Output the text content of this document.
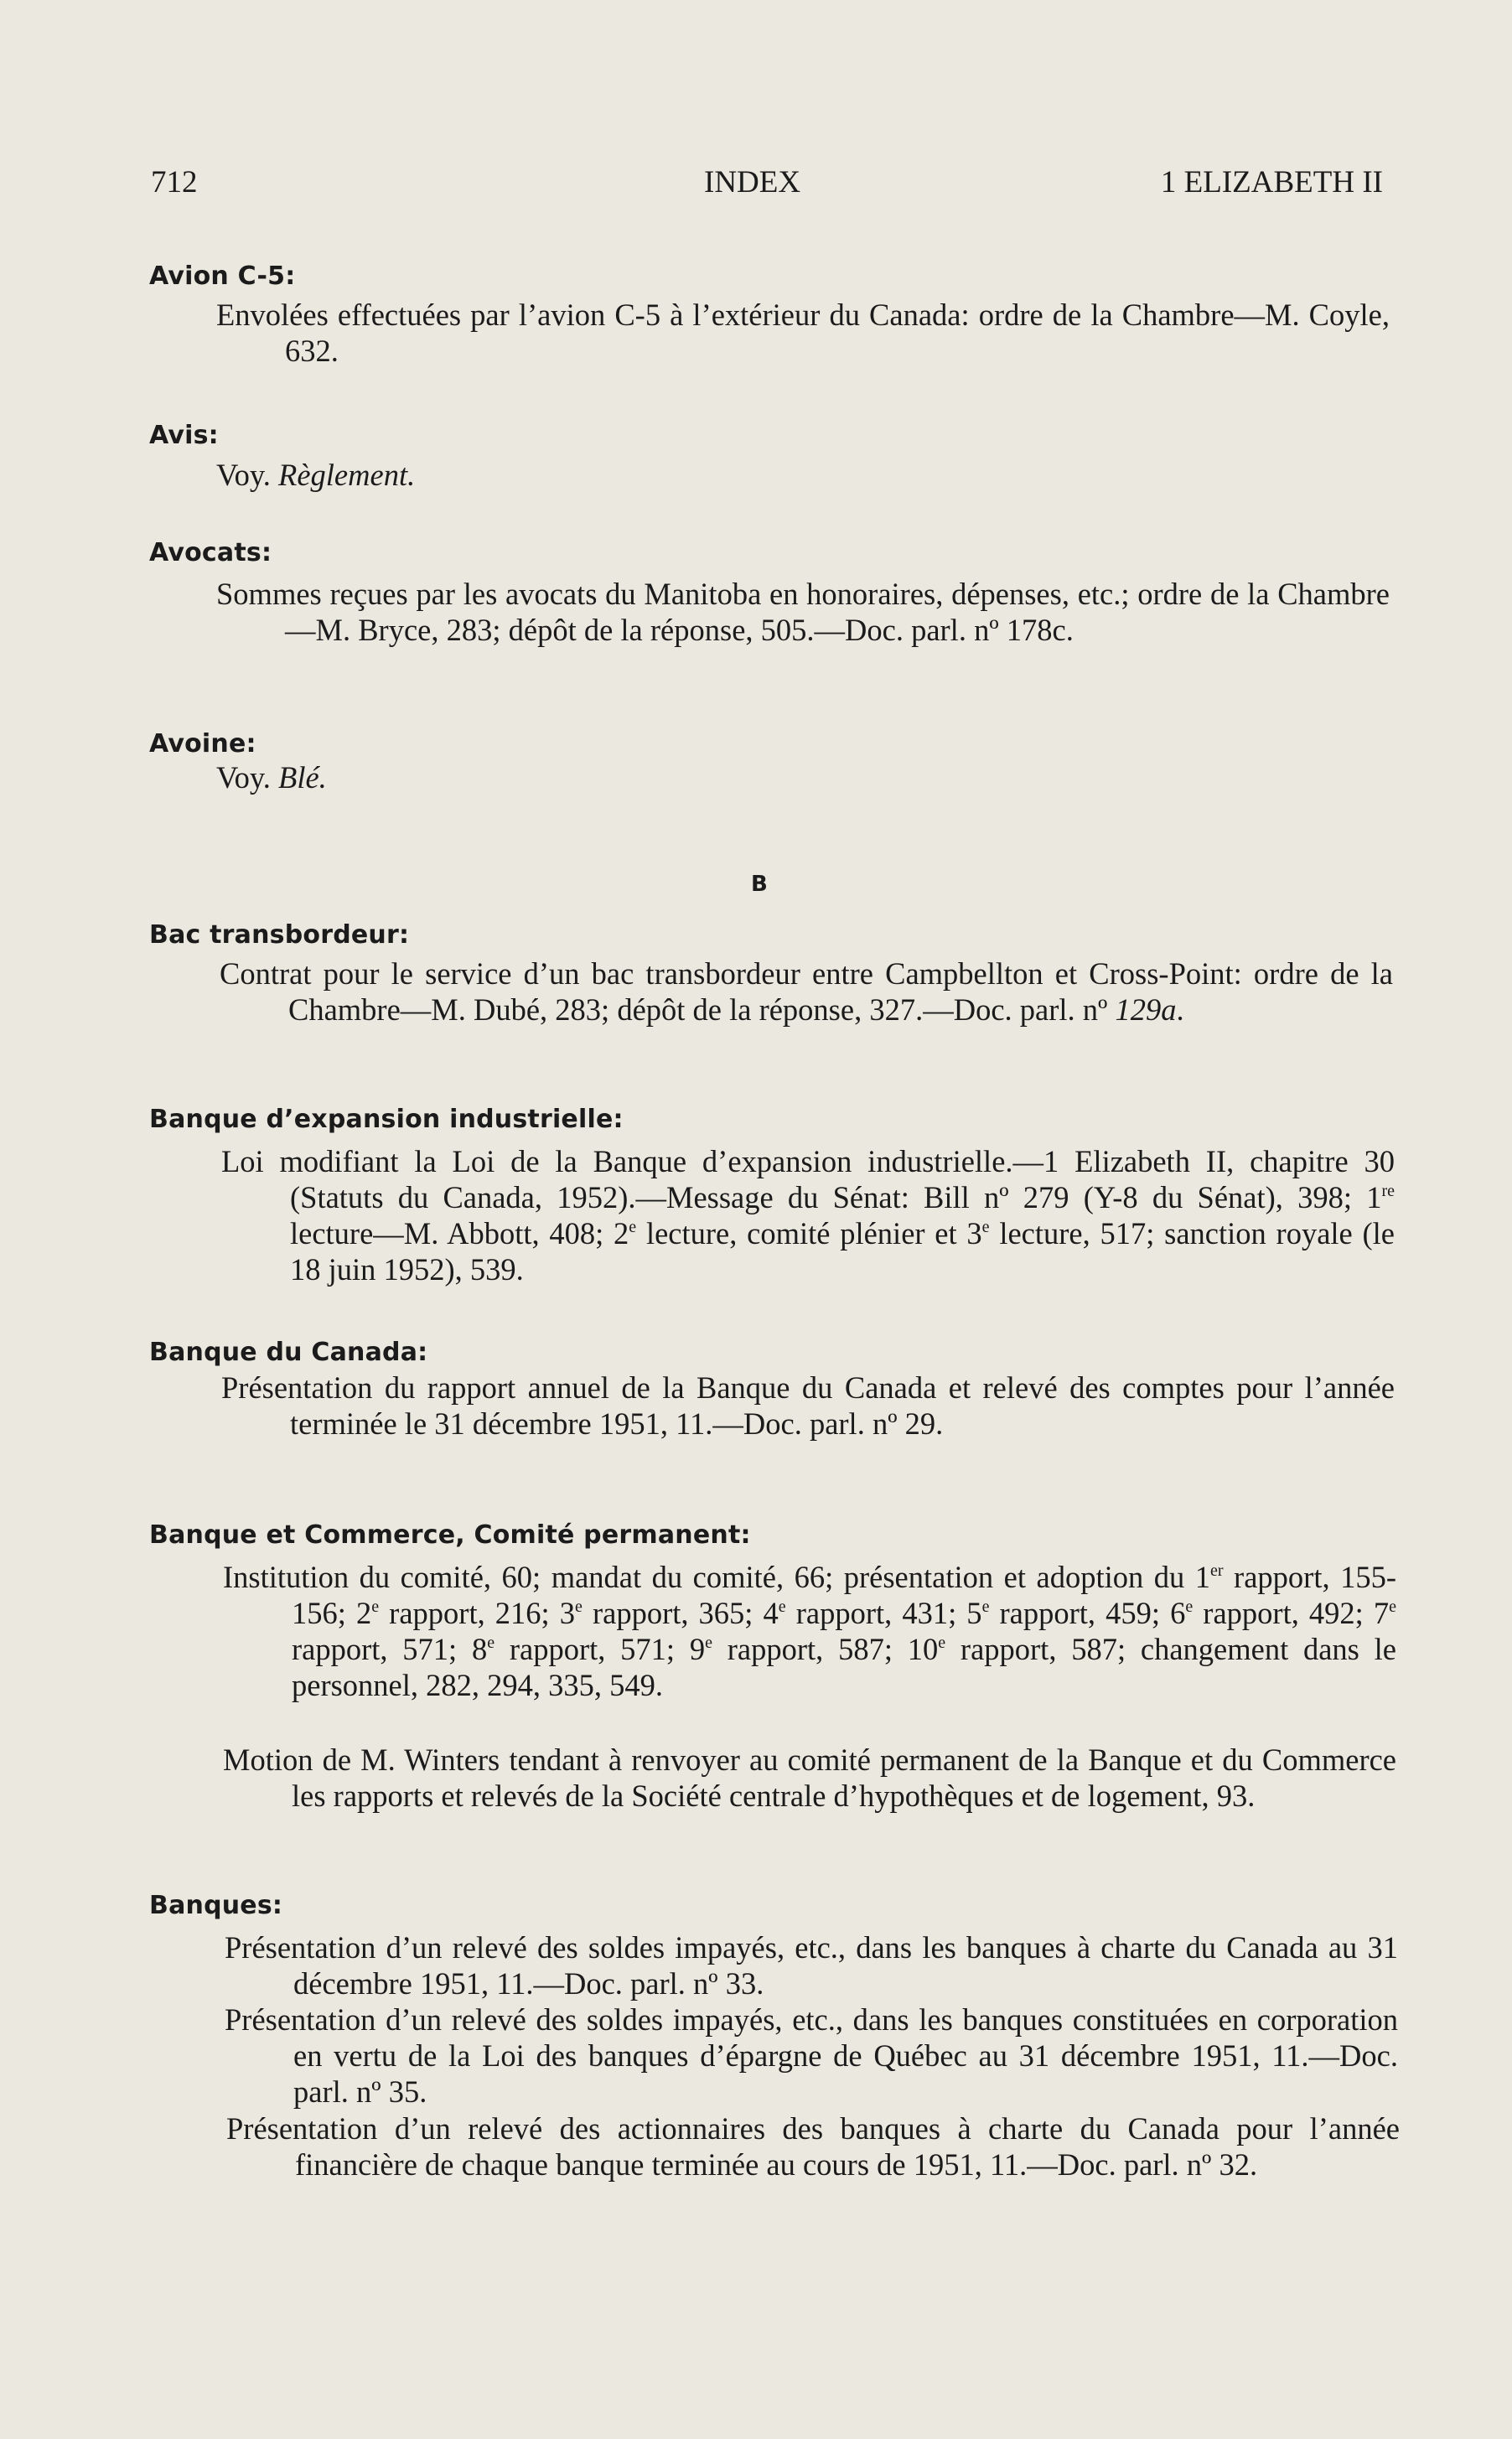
712	INDEX	1 ELIZABETH II
Avion C-5:
Envolées effectuées par l’avion C-5 à l’extérieur du Canada: ordre de la Chambre—M. Coyle, 632.
Avis:
Voy. Règlement.
Avocats:
Sommes reçues par les avocats du Manitoba en honoraires, dépenses, etc.; ordre de la Chambre—M. Bryce, 283; dépôt de la réponse, 505.—Doc. parl. nº 178c.
Avoine:
Voy. Blé.
B
Bac transbordeur:
Contrat pour le service d’un bac transbordeur entre Campbellton et Cross-Point: ordre de la Chambre—M. Dubé, 283; dépôt de la réponse, 327.—Doc. parl. nº 129a.
Banque d’expansion industrielle:
Loi modifiant la Loi de la Banque d’expansion industrielle.—1 Elizabeth II, chapitre 30 (Statuts du Canada, 1952).—Message du Sénat: Bill nº 279 (Y-8 du Sénat), 398; 1re lecture—M. Abbott, 408; 2e lecture, comité plénier et 3e lecture, 517; sanction royale (le 18 juin 1952), 539.
Banque du Canada:
Présentation du rapport annuel de la Banque du Canada et relevé des comptes pour l’année terminée le 31 décembre 1951, 11.—Doc. parl. nº 29.
Banque et Commerce, Comité permanent:
Institution du comité, 60; mandat du comité, 66; présentation et adoption du 1er rapport, 155-156; 2e rapport, 216; 3e rapport, 365; 4e rapport, 431; 5e rapport, 459; 6e rapport, 492; 7e rapport, 571; 8e rapport, 571; 9e rapport, 587; 10e rapport, 587; changement dans le personnel, 282, 294, 335, 549.
Motion de M. Winters tendant à renvoyer au comité permanent de la Banque et du Commerce les rapports et relevés de la Société centrale d’hypothèques et de logement, 93.
Banques:
Présentation d’un relevé des soldes impayés, etc., dans les banques à charte du Canada au 31 décembre 1951, 11.—Doc. parl. nº 33.
Présentation d’un relevé des soldes impayés, etc., dans les banques constituées en corporation en vertu de la Loi des banques d’épargne de Québec au 31 décembre 1951, 11.—Doc. parl. nº 35.
Présentation d’un relevé des actionnaires des banques à charte du Canada pour l’année financière de chaque banque terminée au cours de 1951, 11.—Doc. parl. nº 32.
